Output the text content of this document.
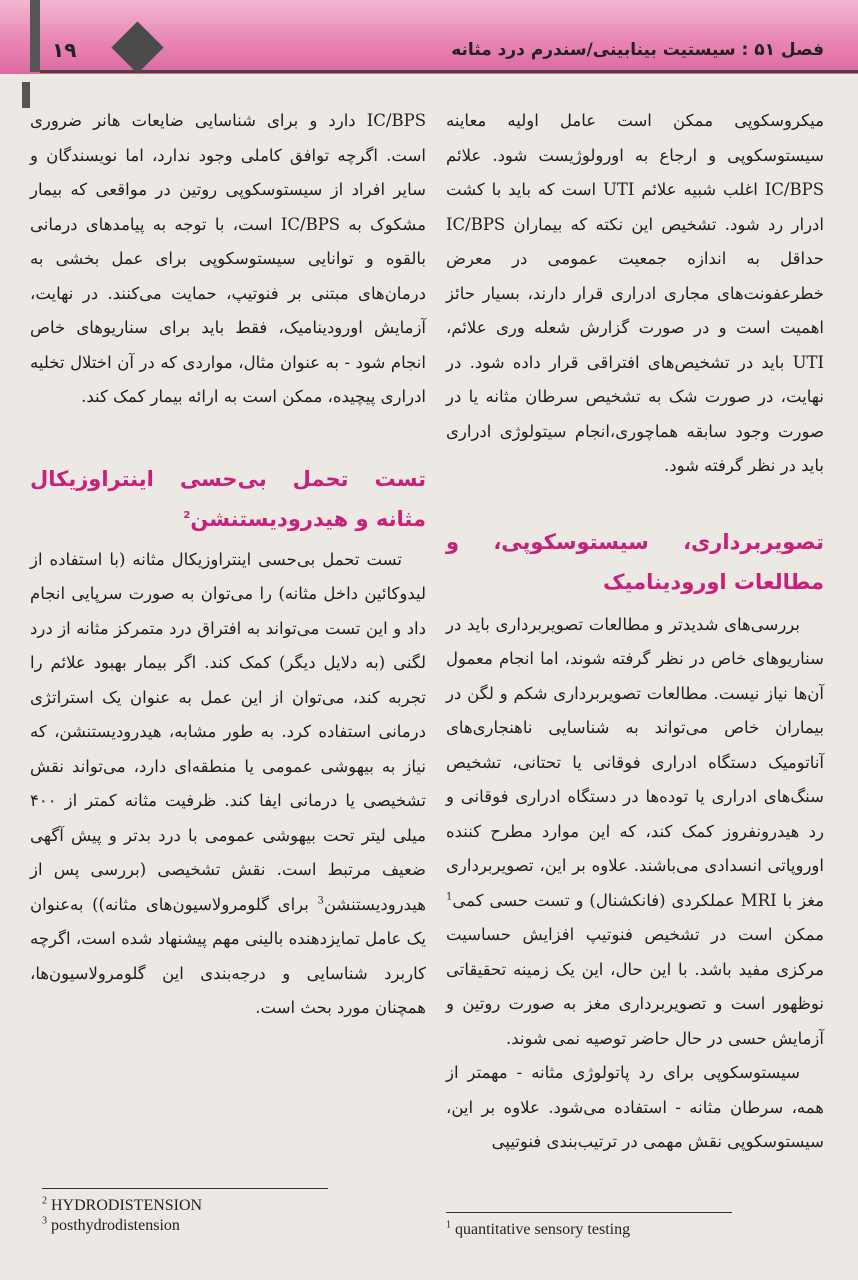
۱۹	فصل ۵۱ : سیستیت بینابینی/سندرم درد مثانه

میکروسکوپی ممکن است عامل اولیه معاینه سیستوسکوپی و ارجاع به اورولوژیست شود. علائم IC/BPS اغلب شبیه علائم UTI است که باید با کشت ادرار رد شود. تشخیص این نکته که بیماران IC/BPS حداقل به اندازه جمعیت عمومی در معرض خطرعفونت‌های مجاری ادراری قرار دارند، بسیار حائز اهمیت است و در صورت گزارش شعله وری علائم، UTI باید در تشخیص‌های افتراقی قرار داده شود. در نهایت، در صورت شک به تشخیص سرطان مثانه یا در صورت وجود سابقه هماچوری،انجام سیتولوژی ادراری باید در نظر گرفته شود.

تصویربرداری، سیستوسکوپی، و مطالعات اورودینامیک

بررسی‌های شدیدتر و مطالعات تصویربرداری باید در سناریوهای خاص در نظر گرفته شوند، اما انجام معمول آن‌ها نیاز نیست. مطالعات تصویربرداری شکم و لگن در بیماران خاص می‌تواند به شناسایی ناهنجاری‌های آناتومیک دستگاه ادراری فوقانی یا تحتانی، تشخیص سنگ‌های ادراری یا توده‌ها در دستگاه ادراری فوقانی و رد هیدرونفروز کمک کند، که این موارد مطرح کننده اوروپاتی انسدادی می‌باشند. علاوه بر این، تصویربرداری مغز با MRI عملکردی (فانکشنال) و تست حسی کمی$^1$ ممکن است در تشخیص فنوتیپ افزایش حساسیت مرکزی مفید باشد. با این حال، این یک زمینه تحقیقاتی نوظهور است و تصویربرداری مغز به صورت روتین و آزمایش حسی در حال حاضر توصیه نمی شوند.

سیستوسکوپی برای رد پاتولوژی مثانه - مهمتر از همه، سرطان مثانه - استفاده می‌شود. علاوه بر این، سیستوسکوپی نقش مهمی در ترتیب‌بندی فنوتیپی

IC/BPS دارد و برای شناسایی ضایعات هانر ضروری است. اگرچه توافق کاملی وجود ندارد، اما نویسندگان و سایر افراد از سیستوسکوپی روتین در مواقعی که بیمار مشکوک به IC/BPS است، با توجه به پیامدهای درمانی بالقوه و توانایی سیستوسکوپی برای عمل بخشی به درمان‌های مبتنی بر فنوتیپ، حمایت می‌کنند. در نهایت، آزمایش اورودینامیک، فقط باید برای سناریوهای خاص انجام شود - به عنوان مثال، مواردی که در آن اختلال تخلیه ادراری پیچیده، ممکن است به ارائه بیمار کمک کند.

تست تحمل بی‌حسی اینتراوزیکال مثانه و هیدرودیستنشن$^2$

تست تحمل بی‌حسی اینتراوزیکال مثانه (با استفاده از لیدوکائین داخل مثانه) را می‌توان به صورت سرپایی انجام داد و این تست می‌تواند به افتراق درد متمرکز مثانه از درد لگنی (به دلایل دیگر) کمک کند. اگر بیمار بهبود علائم را تجربه کند، می‌توان از این عمل به عنوان یک استراتژی درمانی استفاده کرد. به طور مشابه، هیدرودیستنشن، که نیاز به بیهوشی عمومی یا منطقه‌ای دارد، می‌تواند نقش تشخیصی یا درمانی ایفا کند. ظرفیت مثانه کمتر از ۴۰۰ میلی لیتر تحت بیهوشی عمومی با درد بدتر و پیش آگهی ضعیف مرتبط است. نقش تشخیصی (بررسی پس از هیدرودیستنشن$^3$ برای گلومرولاسیون‌های مثانه)) به‌عنوان یک عامل تمایزدهنده بالینی مهم پیشنهاد شده است، اگرچه کاربرد شناسایی و درجه‌بندی این گلومرولاسیون‌ها، همچنان مورد بحث است.

$^2$ HYDRODISTENSION
$^3$ posthydrodistension	$^1$ quantitative sensory testing
